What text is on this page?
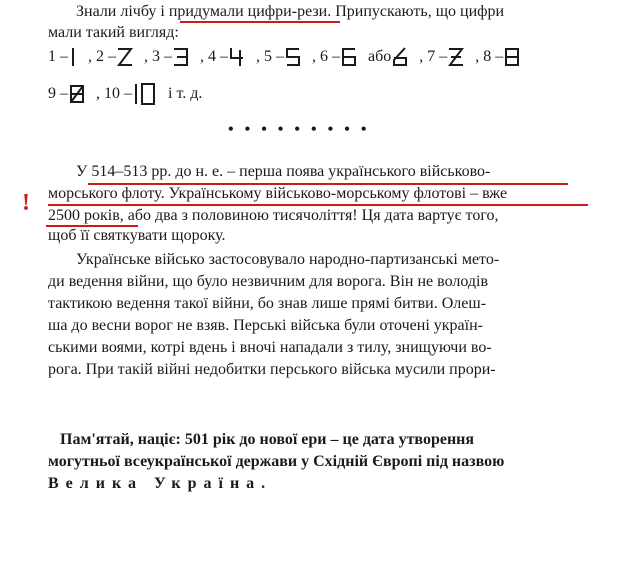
Знали лічбу і придумали цифри-рези. Припускають, що цифри
мали такий вигляд:
1 –
, 2 –
, 3 –
, 4 –
, 5 –
, 6 –
або
, 7 –
, 8 –
9 –
, 10 – і т. д.
•••••••••
У 514–513 рр. до н. е. – перша поява українського військово-
морського флоту. Українському військово-морському флотові – вже
! 2500 років, або два з половиною тисячоліття! Ця дата вартує того,
щоб її святкувати щороку.
Українське військо застосовувало народно-партизанські мето-
ди ведення війни, що було незвичним для ворога. Він не володів
тактикою ведення такої війни, бо знав лише прямі битви. Олеш-
ша до весни ворог не взяв. Перські війська були оточені україн-
ськими воями, котрі вдень і вночі нападали з тилу, знищуючи во-
рога. При такій війні недобитки перського війська мусили прори-
Пам'ятай, націє: 501 рік до нової ери – це дата утворення
могутньої всеукраїнської держави у Східній Європі під назвою
Велика Україна.
